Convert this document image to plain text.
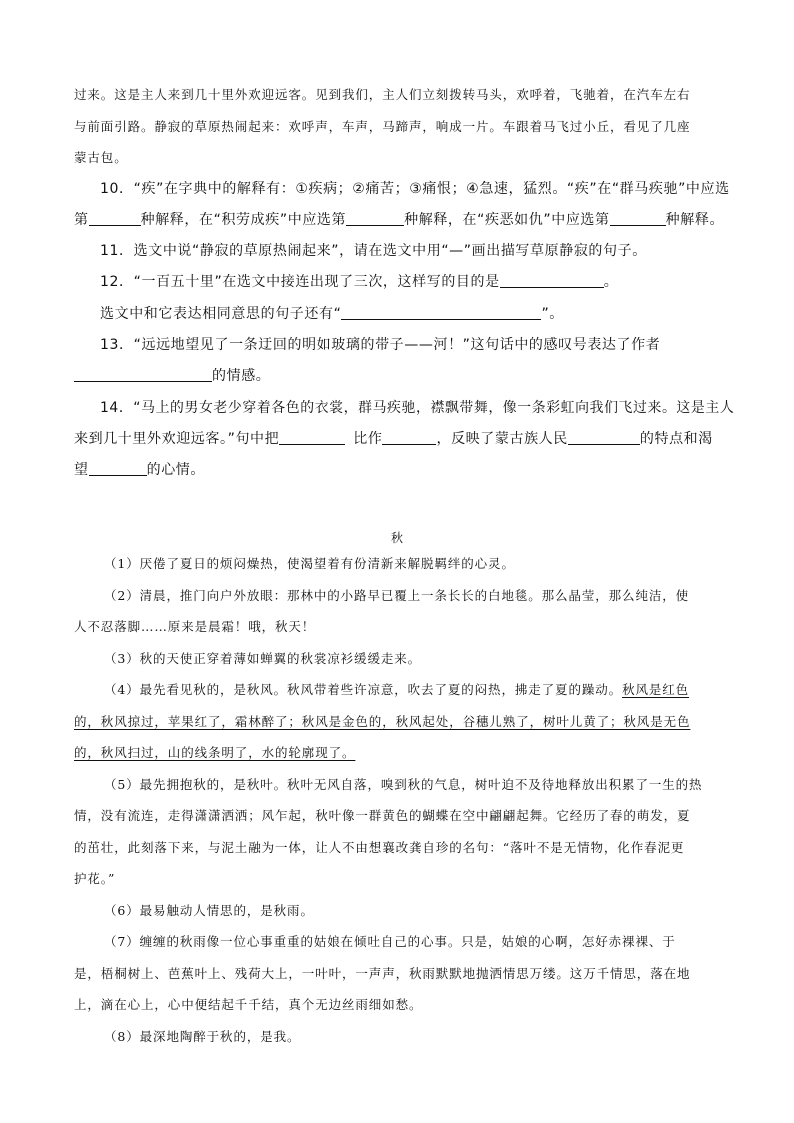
过来。这是主人来到几十里外欢迎远客。见到我们，主人们立刻拨转马头，欢呼着，飞驰着，在汽车左右
与前面引路。静寂的草原热闹起来：欢呼声，车声，马蹄声，响成一片。车跟着马飞过小丘，看见了几座
蒙古包。
10．“疾”在字典中的解释有：①疾病；②痛苦；③痛恨；④急速，猛烈。“疾”在“群马疾驰”中应选
第	种解释，在“积劳成疾”中应选第	种解释，在“疾恶如仇”中应选第	种解释。
11．选文中说“静寂的草原热闹起来”，请在选文中用“—”画出描写草原静寂的句子。
12．“一百五十里”在选文中接连出现了三次，这样写的目的是	。
选文中和它表达相同意思的句子还有“	”。
13．“远远地望见了一条迂回的明如玻璃的带子——河！”这句话中的感叹号表达了作者
的情感。
14．“马上的男女老少穿着各色的衣裳，群马疾驰，襟飘带舞，像一条彩虹向我们飞过来。这是主人
来到几十里外欢迎远客。”句中把	比作	，反映了蒙古族人民	的特点和渴
望	的心情。
秋
（1）厌倦了夏日的烦闷燥热，使渴望着有份清新来解脱羁绊的心灵。
（2）清晨，推门向户外放眼：那林中的小路早已覆上一条长长的白地毯。那么晶莹，那么纯洁，使
人不忍落脚……原来是晨霜！哦，秋天！
（3）秋的天使正穿着薄如蝉翼的秋裳凉衫缓缓走来。
（4）最先看见秋的，是秋风。秋风带着些许凉意，吹去了夏的闷热，拂走了夏的躁动。秋风是红色
的，秋风掠过，苹果红了，霜林醉了；秋风是金色的，秋风起处，谷穗儿熟了，树叶儿黄了；秋风是无色
的，秋风扫过，山的线条明了，水的轮廓现了。
（5）最先拥抱秋的，是秋叶。秋叶无风自落，嗅到秋的气息，树叶迫不及待地释放出积累了一生的热
情，没有流连，走得潇潇洒洒；风乍起，秋叶像一群黄色的蝴蝶在空中翩翩起舞。它经历了春的萌发，夏
的茁壮，此刻落下来，与泥土融为一体，让人不由想襄改龚自珍的名句：“落叶不是无情物，化作春泥更
护花。”
（6）最易触动人情思的，是秋雨。
（7）缠缠的秋雨像一位心事重重的姑娘在倾吐自己的心事。只是，姑娘的心啊，怎好赤裸裸、于
是，梧桐树上、芭蕉叶上、残荷大上，一叶叶，一声声，秋雨默默地抛洒情思万缕。这万千情思，落在地
上，滴在心上，心中便结起千千结，真个无边丝雨细如愁。
（8）最深地陶醉于秋的，是我。
